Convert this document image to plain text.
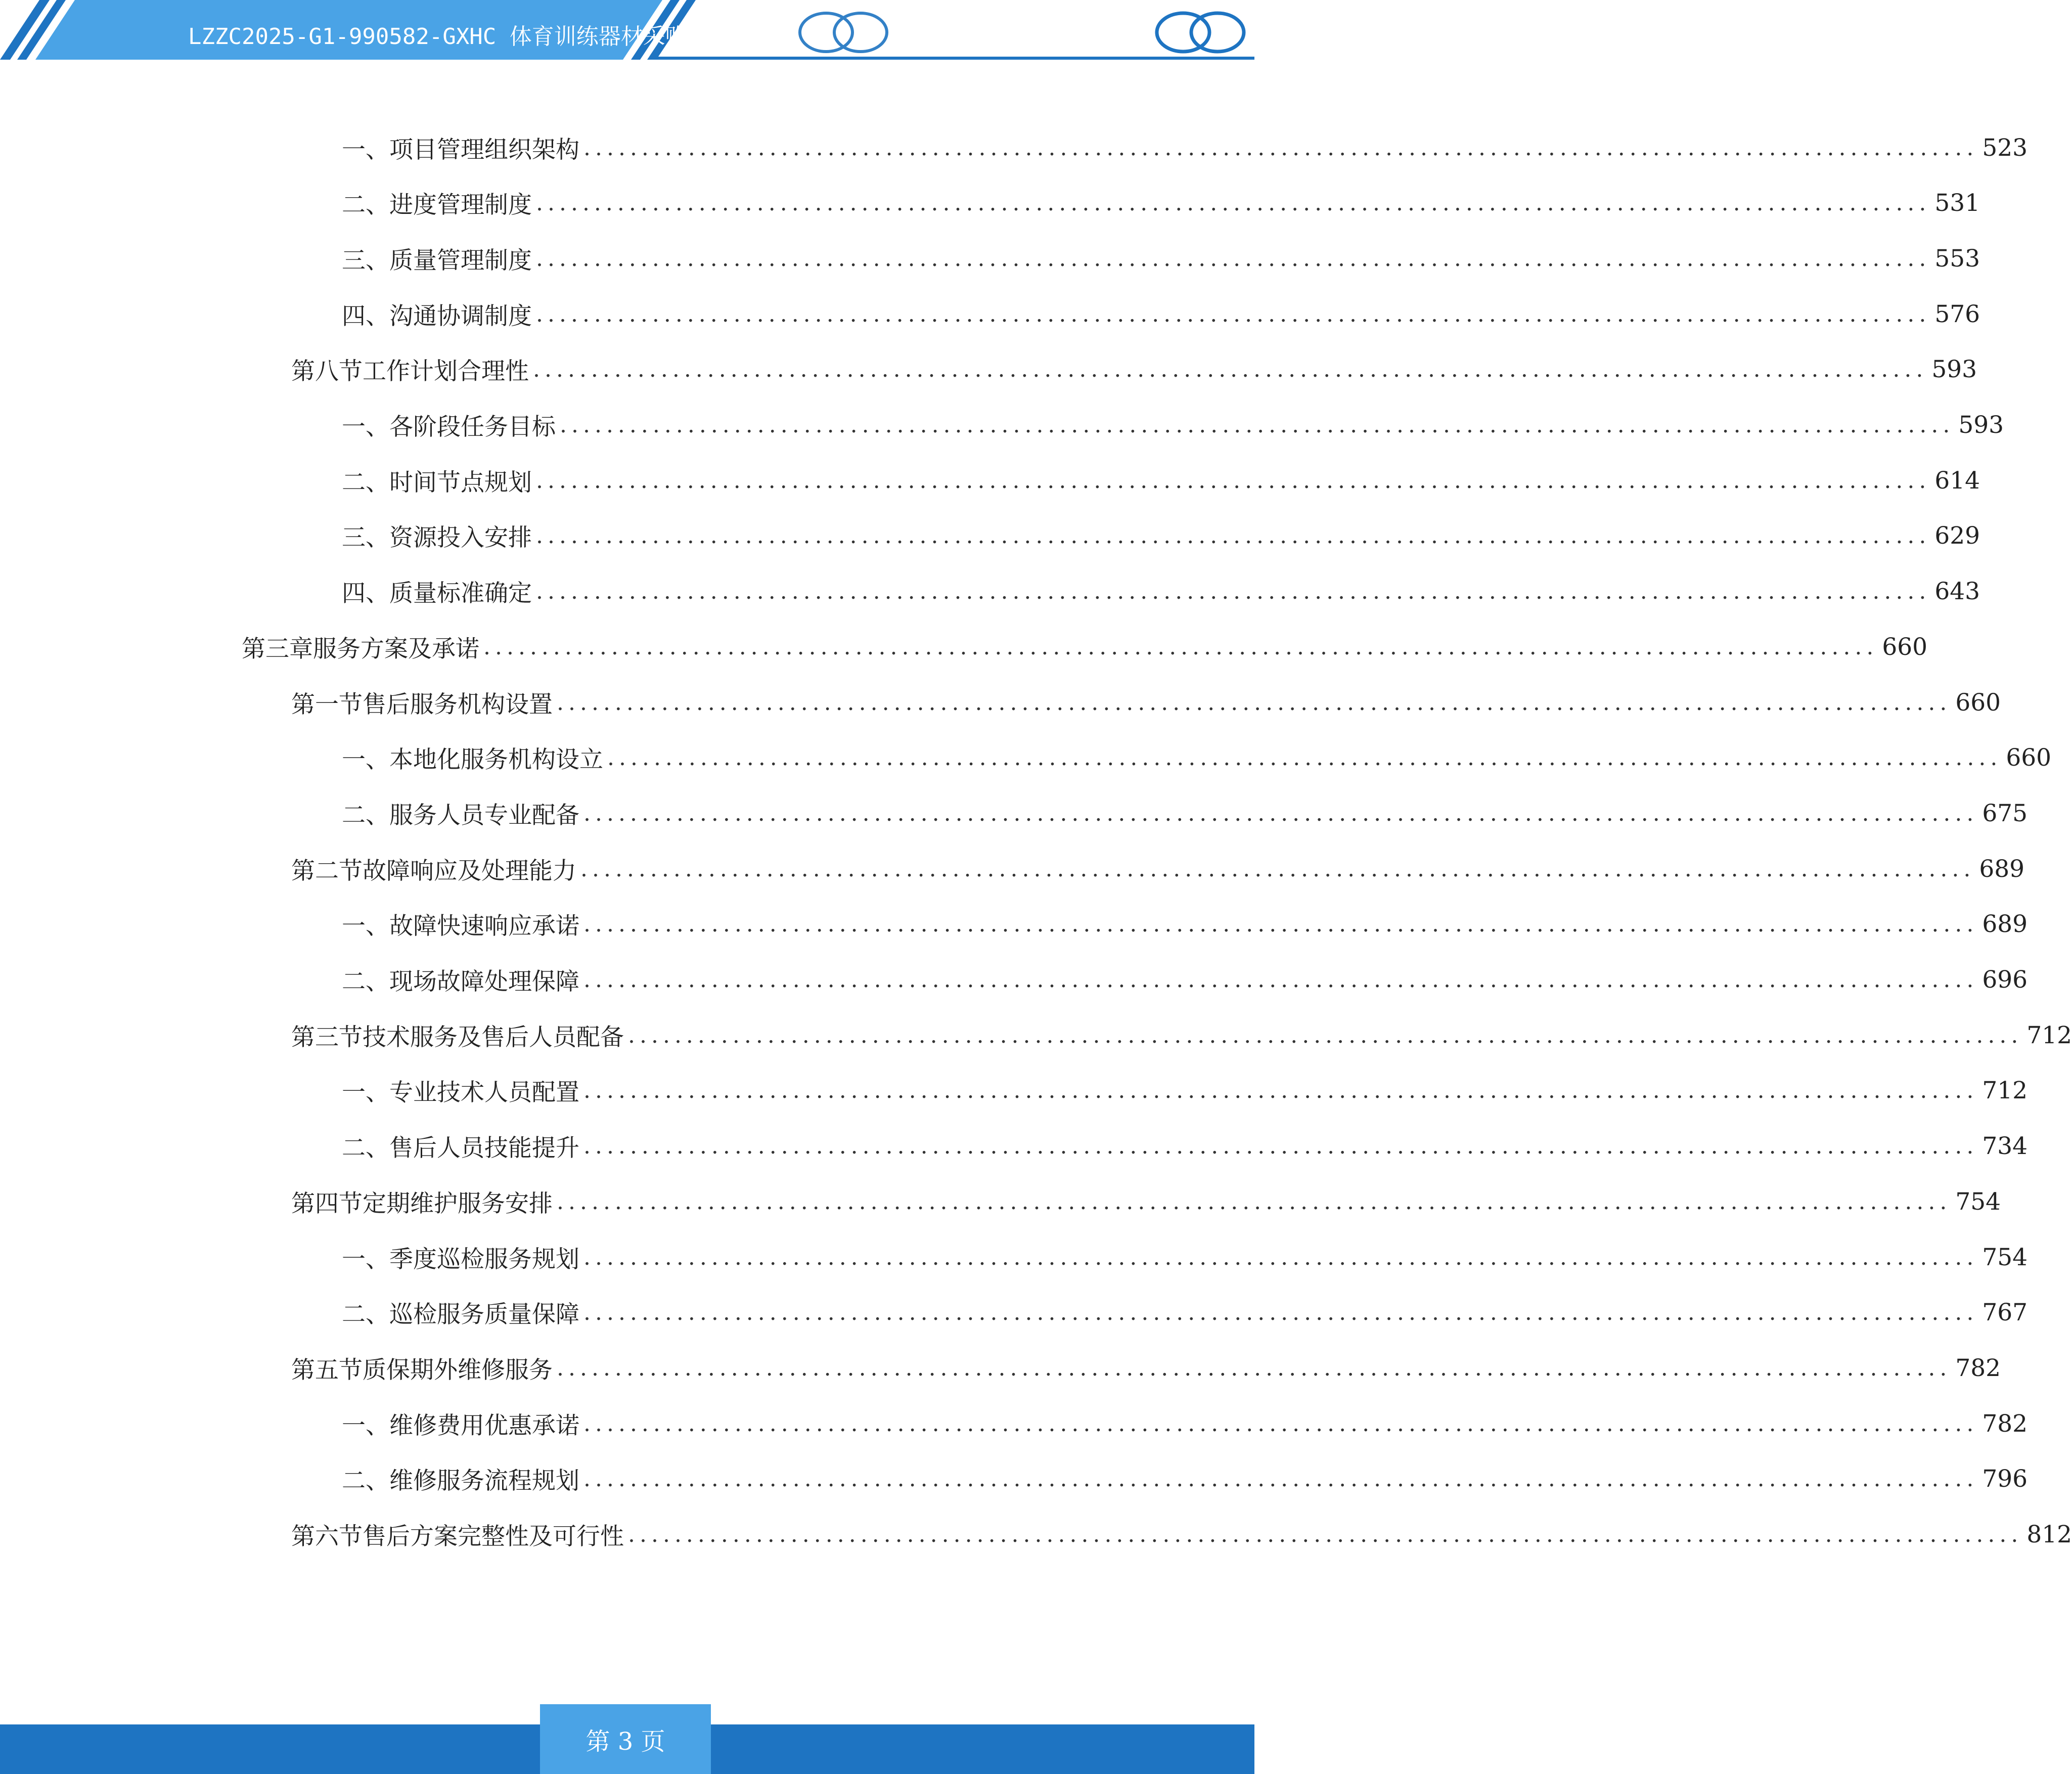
LZZC2025-G1-990582-GXHC 体育训练器材采购项目
一、 项目管理组织架构 ........................................................................................................................ 523
二、 进度管理制度 ........................................................................................................................ 531
三、 质量管理制度 ........................................................................................................................ 553
四、 沟通协调制度 ........................................................................................................................ 576
第八节 工作计划合理性 ........................................................................................................................ 593
一、 各阶段任务目标 ........................................................................................................................ 593
二、 时间节点规划 ........................................................................................................................ 614
三、 资源投入安排 ........................................................................................................................ 629
四、 质量标准确定 ........................................................................................................................ 643
第三章 服务方案及承诺 ........................................................................................................................ 660
第一节 售后服务机构设置 ........................................................................................................................ 660
一、 本地化服务机构设立 ........................................................................................................................ 660
二、 服务人员专业配备 ........................................................................................................................ 675
第二节 故障响应及处理能力 ........................................................................................................................ 689
一、 故障快速响应承诺 ........................................................................................................................ 689
二、 现场故障处理保障 ........................................................................................................................ 696
第三节 技术服务及售后人员配备 ........................................................................................................................ 712
一、 专业技术人员配置 ........................................................................................................................ 712
二、 售后人员技能提升 ........................................................................................................................ 734
第四节 定期维护服务安排 ........................................................................................................................ 754
一、 季度巡检服务规划 ........................................................................................................................ 754
二、 巡检服务质量保障 ........................................................................................................................ 767
第五节 质保期外维修服务 ........................................................................................................................ 782
一、 维修费用优惠承诺 ........................................................................................................................ 782
二、 维修服务流程规划 ........................................................................................................................ 796
第六节 售后方案完整性及可行性 ........................................................................................................................ 812
第 3 页
